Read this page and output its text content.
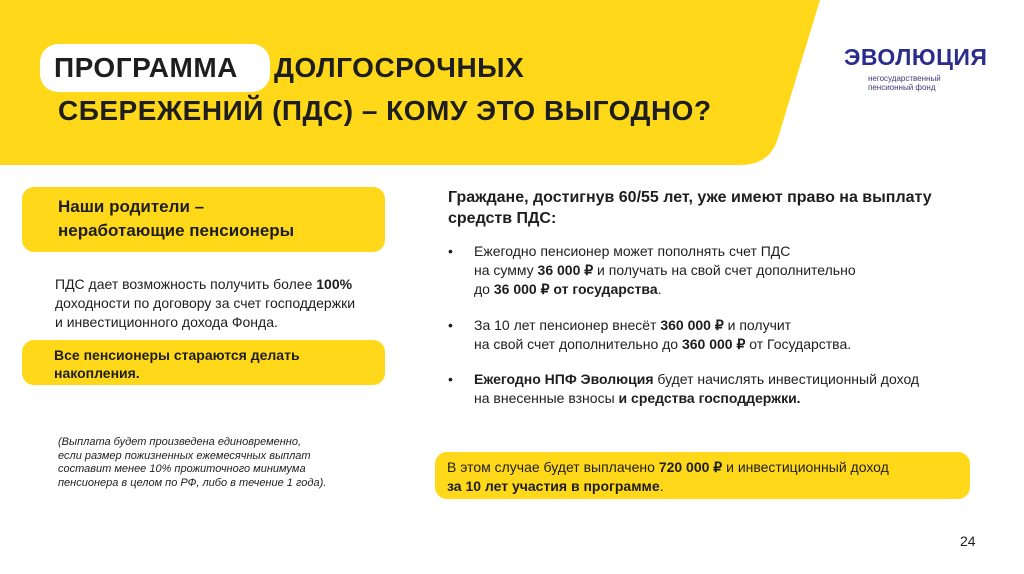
ПРОГРАММА ДОЛГОСРОЧНЫХ
СБЕРЕЖЕНИЙ (ПДС) – КОМУ ЭТО ВЫГОДНО?
ЭВОЛЮЦИЯ
негосударственный
пенсионный фонд
Наши родители –
неработающие пенсионеры
ПДС дает возможность получить более 100%
доходности по договору за счет господдержки
и инвестиционного дохода Фонда.
Все пенсионеры стараются делать
накопления.
(Выплата будет произведена единовременно,
если размер пожизненных ежемесячных выплат
составит менее 10% прожиточного минимума
пенсионера в целом по РФ, либо в течение 1 года).
Граждане, достигнув 60/55 лет, уже имеют право на выплату
средств ПДС:
• Ежегодно пенсионер может пополнять счет ПДС
на сумму 36 000 ₽ и получать на свой счет дополнительно
до 36 000 ₽ от государства.
• За 10 лет пенсионер внесёт 360 000 ₽ и получит
на свой счет дополнительно до 360 000 ₽ от Государства.
• Ежегодно НПФ Эволюция будет начислять инвестиционный доход
на внесенные взносы и средства господдержки.
В этом случае будет выплачено 720 000 ₽ и инвестиционный доход
за 10 лет участия в программе.
24
